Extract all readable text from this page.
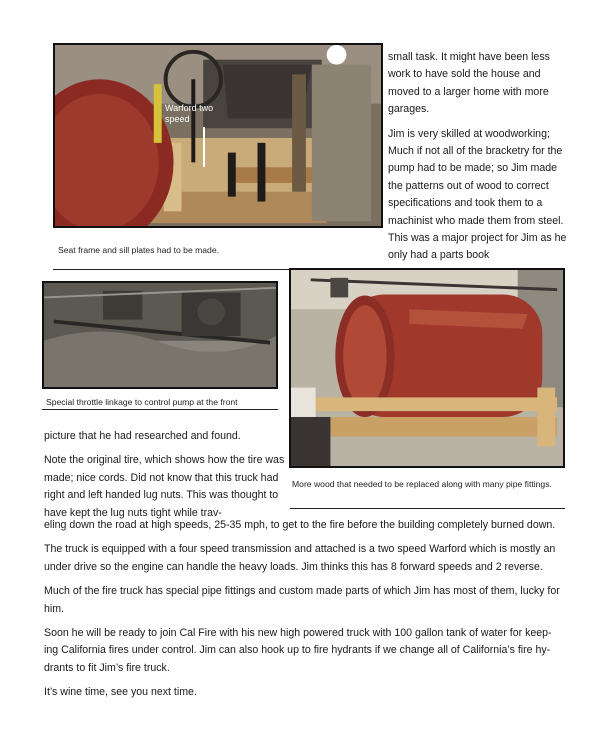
Warford two speed
Seat frame and sill plates had to be made.

small task. It might have been less work to have sold the house and moved to a larger home with more garages.

Jim is very skilled at woodworking; Much if not all of the bracketry for the pump had to be made; so Jim made the patterns out of wood to correct specifications and took them to a machinist who made them from steel. This was a major project for Jim as he only had a parts book

Special throttle linkage to control pump at the front
More wood that needed to be replaced along with many pipe fittings.

picture that he had researched and found.

Note the original tire, which shows how the tire was made; nice cords. Did not know that this truck had right and left handed lug nuts. This was thought to have kept the lug nuts tight while trav-

eling down the road at high speeds, 25-35 mph, to get to the fire before the building completely burned down.

The truck is equipped with a four speed transmission and attached is a two speed Warford which is mostly an under drive so the engine can handle the heavy loads. Jim thinks this has 8 forward speeds and 2 reverse.

Much of the fire truck has special pipe fittings and custom made parts of which Jim has most of them, lucky for him.

Soon he will be ready to join Cal Fire with his new high powered truck with 100 gallon tank of water for keep-ing California fires under control. Jim can also hook up to fire hydrants if we change all of California’s fire hy-drants to fit Jim’s fire truck.

It’s wine time, see you next time.
